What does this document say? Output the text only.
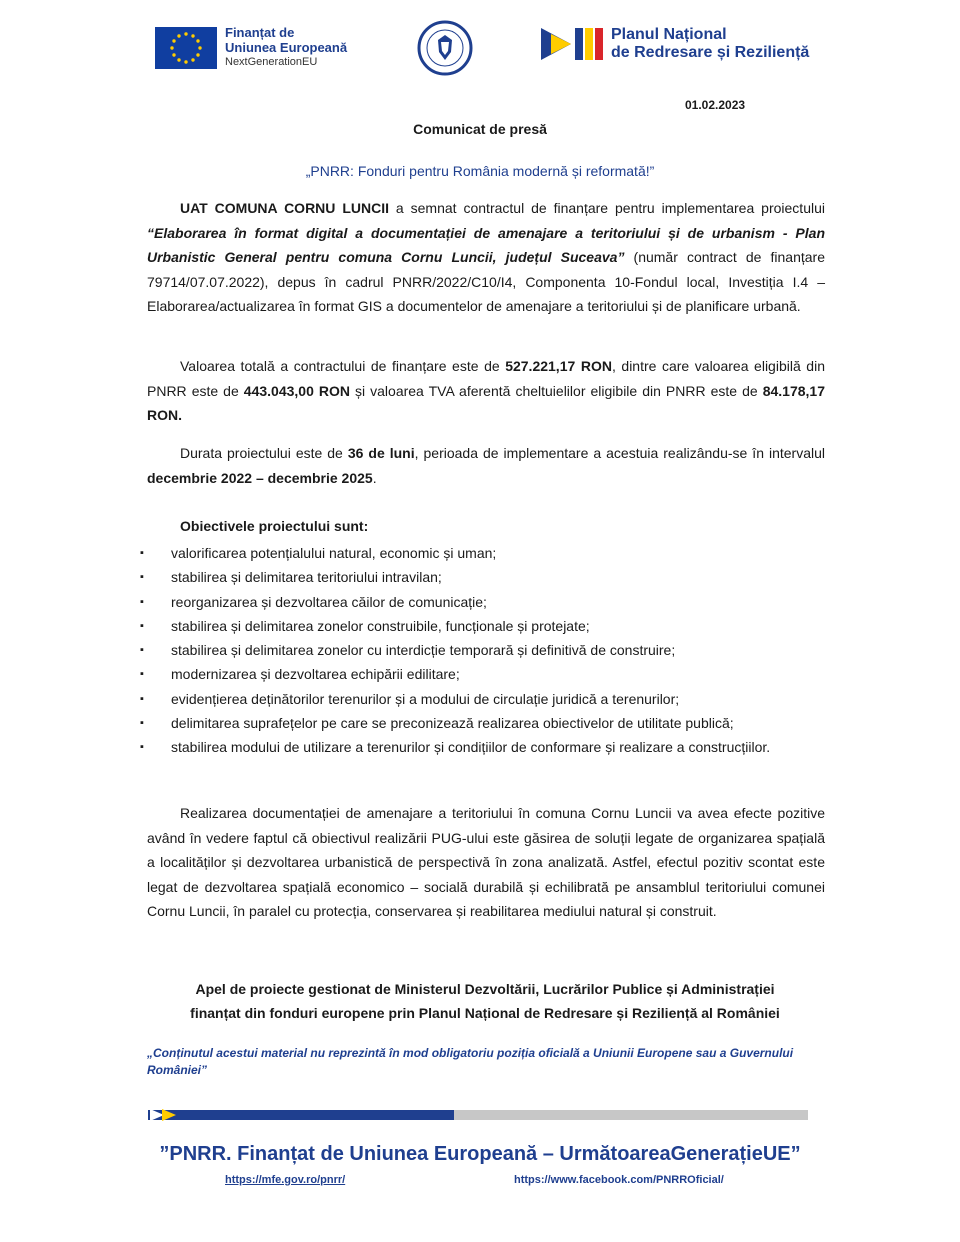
Finanțat de
Uniunea Europeană
NextGenerationEU
Planul Național
de Redresare și Reziliență
01.02.2023
Comunicat de presă
„PNRR: Fonduri pentru România modernă și reformată!”

UAT COMUNA CORNU LUNCII a semnat contractul de finanțare pentru implementarea proiectului “Elaborarea în format digital a documentației de amenajare a teritoriului și de urbanism - Plan Urbanistic General pentru comuna Cornu Luncii, județul Suceava” (număr contract de finanțare 79714/07.07.2022), depus în cadrul PNRR/2022/C10/I4, Componenta 10-Fondul local, Investiția I.4 – Elaborarea/actualizarea în format GIS a documentelor de amenajare a teritoriului și de planificare urbană.

Valoarea totală a contractului de finanțare este de 527.221,17 RON, dintre care valoarea eligibilă din PNRR este de 443.043,00 RON și valoarea TVA aferentă cheltuielilor eligibile din PNRR este de 84.178,17 RON.

Durata proiectului este de 36 de luni, perioada de implementare a acestuia realizându-se în intervalul decembrie 2022 – decembrie 2025.

Obiectivele proiectului sunt:
▪ valorificarea potențialului natural, economic și uman;
▪ stabilirea și delimitarea teritoriului intravilan;
▪ reorganizarea și dezvoltarea căilor de comunicație;
▪ stabilirea și delimitarea zonelor construibile, funcționale și protejate;
▪ stabilirea și delimitarea zonelor cu interdicție temporară și definitivă de construire;
▪ modernizarea și dezvoltarea echipării edilitare;
▪ evidențierea deținătorilor terenurilor și a modului de circulație juridică a terenurilor;
▪ delimitarea suprafețelor pe care se preconizează realizarea obiectivelor de utilitate publică;
▪ stabilirea modului de utilizare a terenurilor și condițiilor de conformare și realizare a construcțiilor.

Realizarea documentației de amenajare a teritoriului în comuna Cornu Luncii va avea efecte pozitive având în vedere faptul că obiectivul realizării PUG-ului este găsirea de soluții legate de organizarea spațială a localităților și dezvoltarea urbanistică de perspectivă în zona analizată. Astfel, efectul pozitiv scontat este legat de dezvoltarea spațială economico – socială durabilă și echilibrată pe ansamblul teritoriului comunei Cornu Luncii, în paralel cu protecția, conservarea și reabilitarea mediului natural și construit.

Apel de proiecte gestionat de Ministerul Dezvoltării, Lucrărilor Publice și Administrației
finanțat din fonduri europene prin Planul Național de Redresare și Reziliență al României
„Conținutul acestui material nu reprezintă în mod obligatoriu poziția oficială a Uniunii Europene sau a Guvernului României”
”PNRR. Finanțat de Uniunea Europeană – UrmătoareaGenerațieUE”
https://mfe.gov.ro/pnrr/	https://www.facebook.com/PNRROficial/
